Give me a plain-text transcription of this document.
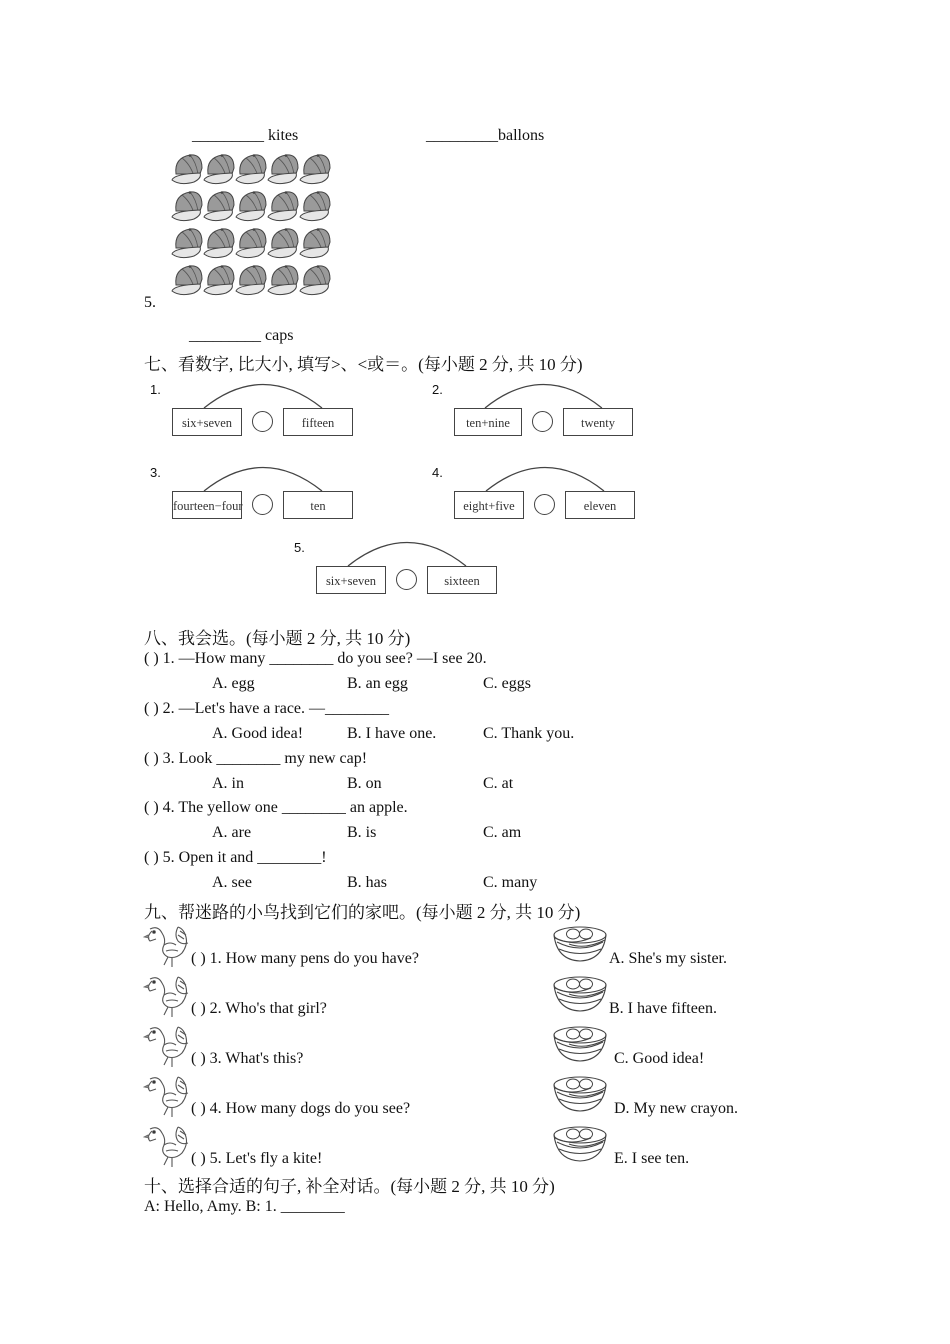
_________ kites	_________ballons
5.
_________ caps
七、看数字, 比大小, 填写>、<或＝。(每小题 2 分, 共 10 分)
1.
six+seven	fifteen
2.
ten+nine	twenty
3.
fourteen−four	ten
4.
eight+five	eleven
5.
six+seven	sixteen
八、我会选。(每小题 2 分, 共 10 分)
( ) 1. —How many ________ do you see? —I see 20.
A. egg	B. an egg	C. eggs
( ) 2. —Let's have a race. —________
A. Good idea!	B. I have one.	C. Thank you.
( ) 3. Look ________ my new cap!
A. in	B. on	C. at
( ) 4. The yellow one ________ an apple.
A. are	B. is	C. am
( ) 5. Open it and ________!
A. see	B. has	C. many
九、帮迷路的小鸟找到它们的家吧。(每小题 2 分, 共 10 分)
( ) 1. How many pens do you have?	A. She's my sister.
( ) 2. Who's that girl?	B. I have fifteen.
( ) 3. What's this?	C. Good idea!
( ) 4. How many dogs do you see?	D. My new crayon.
( ) 5. Let's fly a kite!	E. I see ten.
十、选择合适的句子, 补全对话。(每小题 2 分, 共 10 分)
A: Hello, Amy. B: 1. ________
